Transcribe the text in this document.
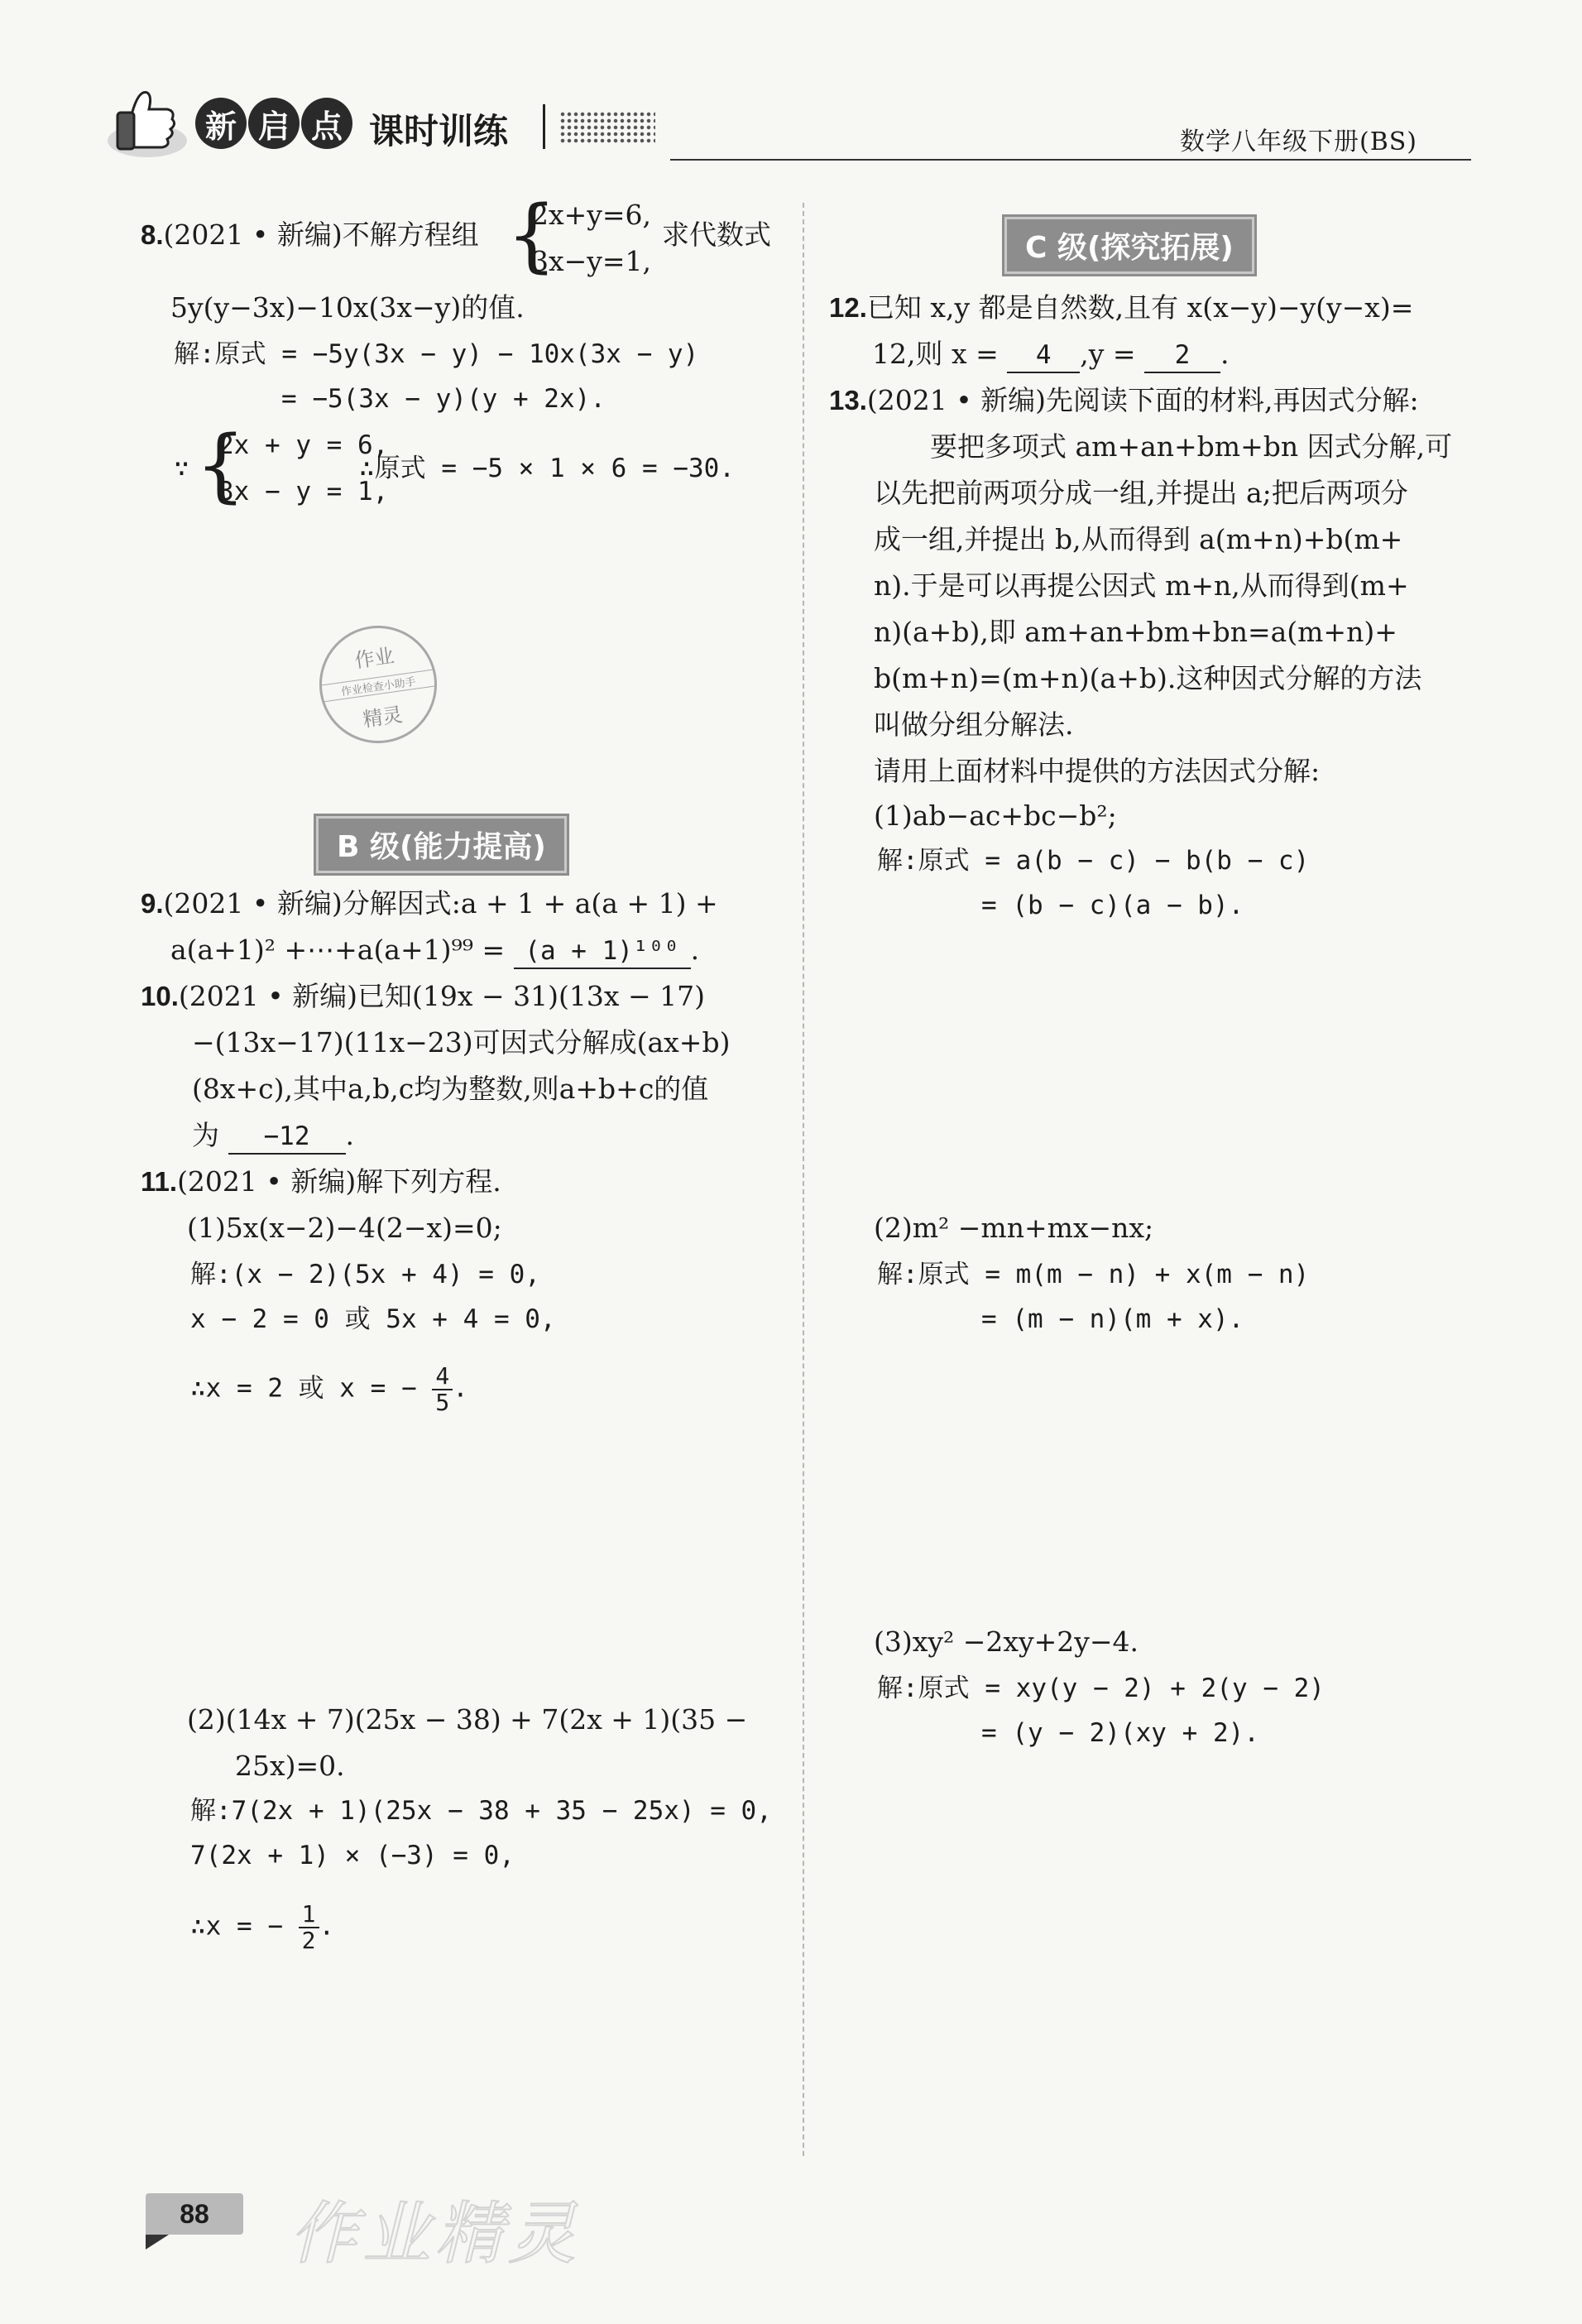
新 启 点 课时训练	数学八年级下册(BS)
8.(2021 • 新编)不解方程组 {
2x+y=6,
3x−y=1,
求代数式
5y(y−3x)−10x(3x−y)的值.
解:原式 = −5y(3x − y) − 10x(3x − y)
= −5(3x − y)(y + 2x).
∵ {
2x + y = 6,
3x − y = 1,
∴原式 = −5 × 1 × 6 = −30.
作业
作业检查小助手
精灵
B 级(能力提高)
9.(2021 • 新编)分解因式:a + 1 + a(a + 1) +
a(a+1)² +⋯+a(a+1)⁹⁹ = (a + 1)¹⁰⁰ .
10.(2021 • 新编)已知(19x − 31)(13x − 17)
−(13x−17)(11x−23)可因式分解成(ax+b)
(8x+c),其中a,b,c均为整数,则a+b+c的值
为 −12 .
11.(2021 • 新编)解下列方程.
(1)5x(x−2)−4(2−x)=0;
解:(x − 2)(5x + 4) = 0,
x − 2 = 0 或 5x + 4 = 0,
∴x = 2 或 x = − $\frac{4}{5}$ .
(2)(14x + 7)(25x − 38) + 7(2x + 1)(35 −
25x)=0.
解:7(2x + 1)(25x − 38 + 35 − 25x) = 0,
7(2x + 1) × (−3) = 0,
∴x = − $\frac{1}{2}$ .
C 级(探究拓展)
12.已知 x,y 都是自然数,且有 x(x−y)−y(y−x)=
12,则 x = 4 ,y = 2 .
13.(2021 • 新编)先阅读下面的材料,再因式分解:
要把多项式 am+an+bm+bn 因式分解,可
以先把前两项分成一组,并提出 a;把后两项分
成一组,并提出 b,从而得到 a(m+n)+b(m+
n).于是可以再提公因式 m+n,从而得到(m+
n)(a+b),即 am+an+bm+bn=a(m+n)+
b(m+n)=(m+n)(a+b).这种因式分解的方法
叫做分组分解法.
请用上面材料中提供的方法因式分解:
(1)ab−ac+bc−b²;
解:原式 = a(b − c) − b(b − c)
= (b − c)(a − b).
(2)m² −mn+mx−nx;
解:原式 = m(m − n) + x(m − n)
= (m − n)(m + x).
(3)xy² −2xy+2y−4.
解:原式 = xy(y − 2) + 2(y − 2)
= (y − 2)(xy + 2).
88	作业精灵
